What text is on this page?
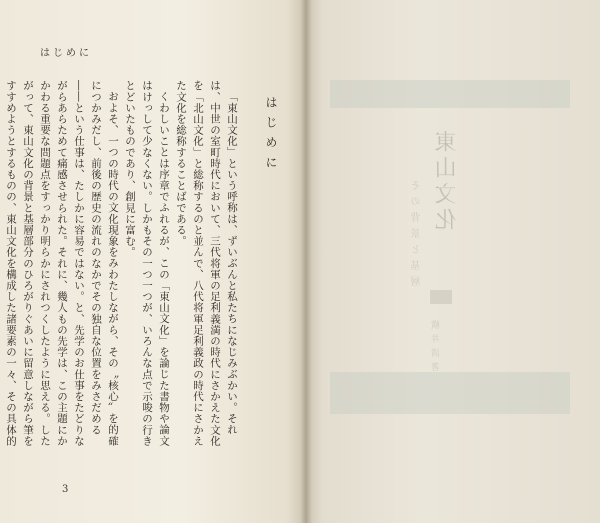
はじめに
はじめに

「東山文化」という呼称は、ずいぶんと私たちになじみぶかい。それは、中世の室町時代において、三代将軍の足利義満の時代にさかえた文化を「北山文化」と総称するのと並んで、八代将軍足利義政の時代にさかえた文化を総称することばである。

くわしいことは序章でふれるが、この「東山文化」を論じた書物や論文はけっして少なくない。しかもその一つ一つが、いろんな点で示唆の行きとどいたものであり、創見に富む。

およそ、一つの時代の文化現象をみわたしながら、その〝核心〟を的確につかみだし、前後の歴史の流れのなかでその独自な位置をみさだめる――という仕事は、たしかに容易ではない。と、先学のお仕事をたどりながらあらためて痛感させられた。それに、幾人もの先学は、この主題にかかわる重要な問題点をすっかり明らかにされつくしたように思える。したがって、東山文化の背景と基層部分のひろがりぐあいに留意しながら筆をすすめようとするものの、東山文化を構成した諸要素の一々、その具体的

3
東山文化
その背景と基層
横井清著
